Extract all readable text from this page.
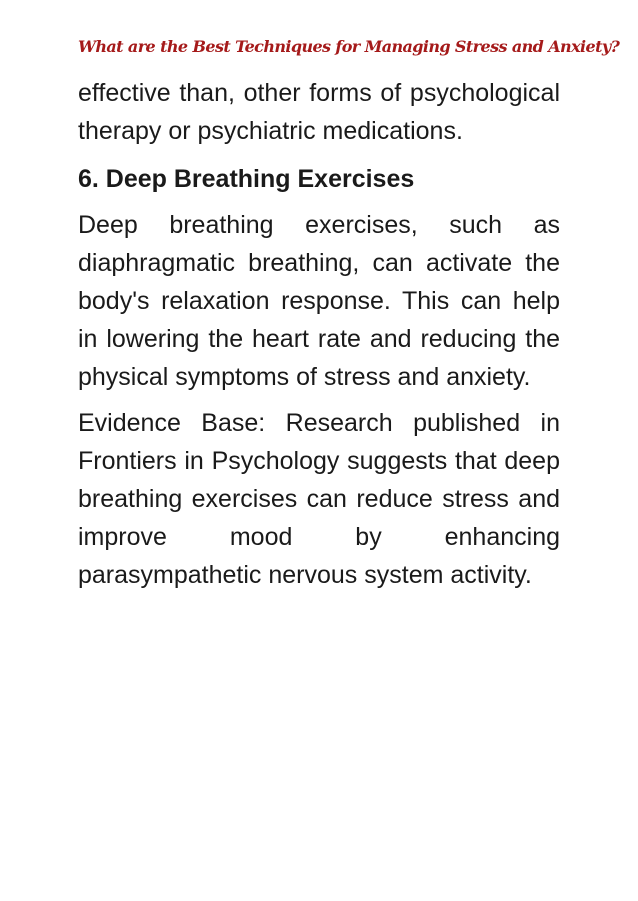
What are the Best Techniques for Managing Stress and Anxiety?

effective than, other forms of psychological therapy or psychiatric medications.

6. Deep Breathing Exercises

Deep breathing exercises, such as diaphragmatic breathing, can activate the body's relaxation response. This can help in lowering the heart rate and reducing the physical symptoms of stress and anxiety.

Evidence Base: Research published in Frontiers in Psychology suggests that deep breathing exercises can reduce stress and improve mood by enhancing parasympathetic nervous system activity.
